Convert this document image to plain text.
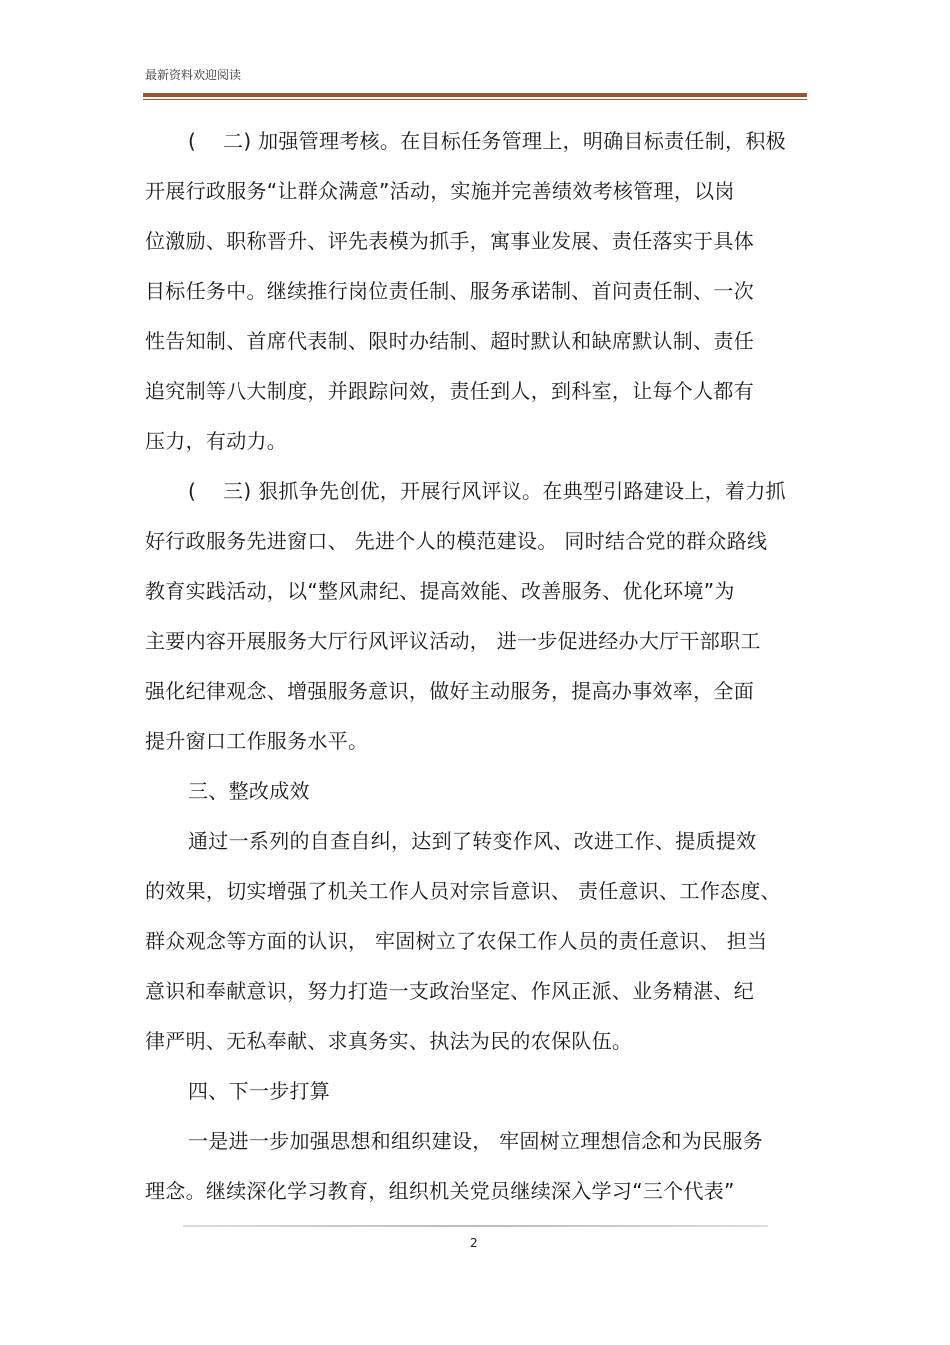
最新资料欢迎阅读
(　 二) 加强管理考核。在目标任务管理上，明确目标责任制，积极
开展行政服务“让群众满意”活动，实施并完善绩效考核管理，以岗
位激励、职称晋升、评先表模为抓手，寓事业发展、责任落实于具体
目标任务中。继续推行岗位责任制、服务承诺制、首问责任制、一次
性告知制、首席代表制、限时办结制、超时默认和缺席默认制、责任
追究制等八大制度，并跟踪问效，责任到人，到科室，让每个人都有
压力，有动力。
(　 三) 狠抓争先创优，开展行风评议。在典型引路建设上，着力抓
好行政服务先进窗口、 先进个人的模范建设。 同时结合党的群众路线
教育实践活动，以“整风肃纪、提高效能、改善服务、优化环境”为
主要内容开展服务大厅行风评议活动， 进一步促进经办大厅干部职工
强化纪律观念、增强服务意识，做好主动服务，提高办事效率，全面
提升窗口工作服务水平。
三、整改成效
通过一系列的自查自纠，达到了转变作风、改进工作、提质提效
的效果，切实增强了机关工作人员对宗旨意识、 责任意识、工作态度、
群众观念等方面的认识， 牢固树立了农保工作人员的责任意识、 担当
意识和奉献意识，努力打造一支政治坚定、作风正派、业务精湛、纪
律严明、无私奉献、求真务实、执法为民的农保队伍。
四、下一步打算
一是进一步加强思想和组织建设， 牢固树立理想信念和为民服务
理念。继续深化学习教育，组织机关党员继续深入学习“三个代表”
2
